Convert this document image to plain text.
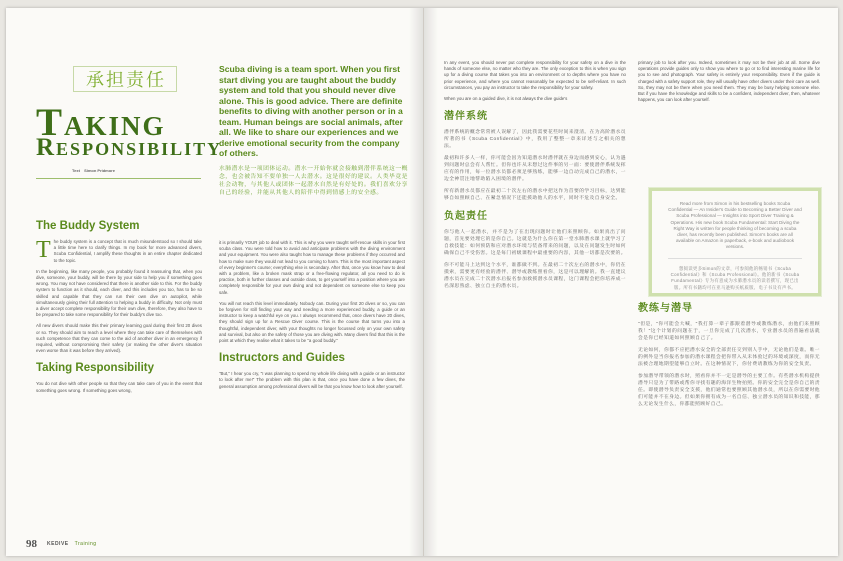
承担责任
Taking
Responsibility
Text Simon Pridmore
Scuba diving is a team sport. When you first start diving you are taught about the buddy system and told that you should never dive alone. This is good advice. There are definite benefits to diving with another person or in a team. Human beings are social animals, after all. We like to share our experiences and we derive emotional security from the company of others.
水肺潜水是一项团体运动。潜水一开始你就会接触到潜伴系统这一概念，也会被告知不要单独一人去潜水。这是很好的建议。人类毕竟是社会动物，与其他人或团体一起潜水自然是有好处的。我们喜欢分享自己的经验，并能从其他人的陪伴中得到情感上的安全感。
The Buddy System

The buddy system is a concept that is much misunderstood so I should take a little time here to clarify things. In my book for more advanced divers, Scuba Confidential, I amplify these thoughts in an entire chapter dedicated to the topic.

In the beginning, like many people, you probably found it reassuring that, when you dive, someone, your buddy, will be there by your side to help you if something goes wrong. You may not have considered that there is another side to this. For the buddy system to function as it should, each diver, and this includes you too, has to be so skilled and capable that they can run their own dive on autopilot, while simultaneously giving their full attention to helping a buddy in difficulty. Not only must a diver accept complete responsibility for their own dive, therefore, they also have to be prepared to take some responsibility for their buddy's dive too.

All new divers should make this their primary learning goal during their first 20 dives or so. They should aim to reach a level where they can take care of themselves with such competence that they can come to the aid of another diver in an emergency if required, without compromising their safety (or making the other diver's situation even worse than it was before they arrived).

Taking Responsibility

You do not dive with other people so that they can take care of you in the event that something goes wrong. If something goes wrong,

it is primarily YOUR job to deal with it. This is why you were taught self-rescue skills in your first scuba class. You were told how to avoid and anticipate problems with the diving environment and your equipment. You were also taught how to manage these problems if they occurred and how to make sure they would not lead to you coming to harm. This is the most important aspect of every beginner's course; everything else is secondary. After that, once you know how to deal with a problem, like a broken mask strap or a free-flowing regulator, all you need to do is practice, both in further classes and outside class, to get yourself into a position where you are completely responsible for your own diving and not dependent on someone else to keep you safe.

You will not reach this level immediately. Nobody can. During your first 20 dives or so, you can be forgiven for still finding your way and needing a more experienced buddy, a guide or an instructor to keep a watchful eye on you. I always recommend that, once divers have 20 dives, they should sign up for a Rescue Diver course. This is the course that turns you into a thoughtful, independent diver, with your thoughts no longer focussed only on your own safety and survival, but also on the safety of those you are diving with. Many divers find that this is the point at which they realise what it takes to be "a good buddy."

Instructors and Guides

"But," I hear you cry, "I was planning to spend my whole life diving with a guide or an instructor to look after me!" The problem with this plan is that, once you have done a few dives, the general assumption among professional divers will be that you know how to look after yourself.

98 KEDIVE Training

In any event, you should never put complete responsibility for your safety on a dive in the hands of someone else, no matter who they are. The only exception to this is when you sign up for a diving course that takes you into an environment or to depths where you have no prior experience, and where you cannot reasonably be expected to be self-reliant. In such circumstances, you pay an instructor to take the responsibility for your safety.

When you are on a guided dive, it is not always the dive guide's

潜伴系统

潜伴系统的概念常常被人误解了，因此我需要花些时间来澄清。在为高阶潜水员所著的书《Scuba Confidential》中，我用了整整一章来详述与之相关的想法。

最初和许多人一样，你可能会因为知道潜水时潜伴就在身边而感到安心，认为遇到问题时总会有人帮忙。但你也许从未想过这件事的另一面：要使潜伴系统发挥应有的作用，每一位潜水员都必须足够熟练，能够一边自动完成自己的潜水，一边全神贯注地帮助陷入困境的潜伴。

所有新潜水员都应在最初二十次左右的潜水中把这作为首要的学习目标，达到能够自如照顾自己、在紧急情况下还能援助他人的水平，同时不危及自身安全。

负起责任

你与他人一起潜水，并不是为了在出现问题时让他们来照顾你。如果真出了问题，首先要处理它的是你自己。这就是为什么你在第一堂水肺潜水课上就学习了自救技能：如何预防和应对潜水环境与装备带来的问题，以及在问题发生时如何确保自己不受伤害。这是每门初级课程中最重要的内容，其他一切都是次要的。

你不可能马上达到这个水平，谁都做不到。在最初二十次左右的潜水中，你仍在摸索，需要更有经验的潜伴、潜导或教练照看你，这是可以理解的。我一直建议潜水员在完成二十次潜水后报名参加救援潜水员课程，这门课程会把你培养成一名深思熟虑、独立自主的潜水员。

primary job to look after you. Indeed, sometimes it may not be their job at all. Some dive operations provide guides only to show you where to go or to find interesting marine life for you to see and photograph. Your safety is entirely your responsibility. Even if the guide is charged with a safety support role, they will usually have other divers under their care as well. So, they may not be there when you need them. They may be busy helping someone else. But if you have the knowledge and skills to be a confident, independent diver, then, whatever happens, you can look after yourself.

Read more from Simon in his bestselling books Scuba Confidential — An Insider's Guide to Becoming a Better Diver and Scuba Professional — Insights into Sport Diver Training & Operations. His new book Scuba Fundamental: Start Diving the Right Way is written for people thinking of becoming a scuba diver, has recently been published. Simon's books are all available on Amazon in paperback, e-book and audiobook versions.
想阅读更多Simon的文章，可参阅他的畅销书《Scuba Confidential》和《Scuba Professional》。他的新书《Scuba Fundamental》专为有意成为水肺潜水员的读者撰写，现已出版。所有书籍均可在亚马逊购买纸质版、电子书及有声书。
教练与潜导

"但是，"你可能会大喊，"我打算一辈子都跟着潜导或教练潜水，由他们来照顾我！"这个计划的问题在于，一旦你完成了几次潜水，专业潜水员的普遍看法就会是你已经知道如何照顾自己了。

无论如何，你都不应把潜水安全的全部责任交到别人手中，无论他们是谁。唯一的例外是当你报名参加的潜水课程会把你带入从未体验过的环境或深度，而你无法被合理地期望能够自立时。在这种情况下，你付费请教练为你的安全负责。

参加潜导带领的潜水时，照看你并不一定是潜导的主要工作。有些潜水机构提供潜导只是为了带路或帮你寻找有趣的海洋生物拍照。你的安全完全是你自己的责任。即使潜导负责安全支援，他们通常也要照顾其他潜水员，所以在你需要时他们可能并不在身边。但如果你拥有成为一名自信、独立潜水员的知识和技能，那么无论发生什么，你都能照顾好自己。
